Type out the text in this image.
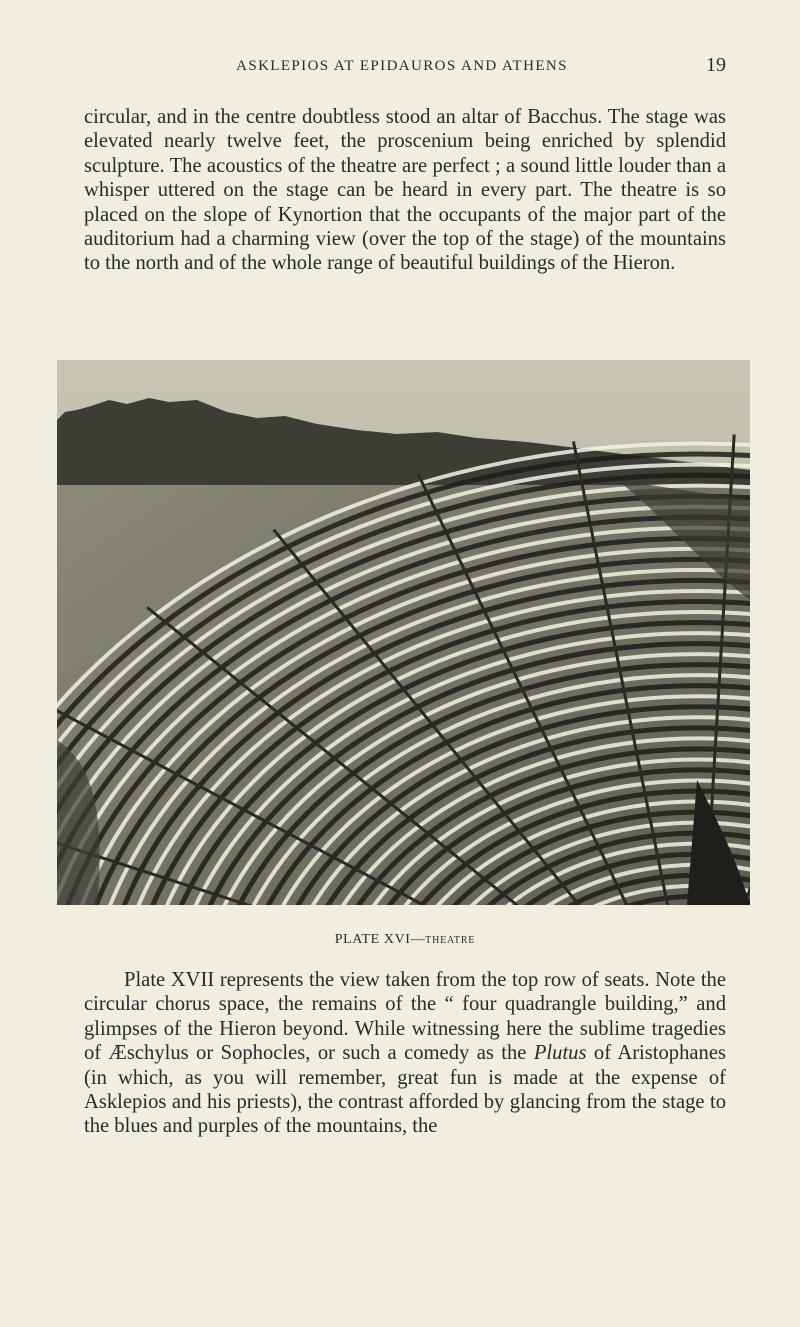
ASKLEPIOS AT EPIDAUROS AND ATHENS	19

circular, and in the centre doubtless stood an altar of Bacchus. The stage was elevated nearly twelve feet, the proscenium being enriched by splendid sculpture. The acoustics of the theatre are perfect ; a sound little louder than a whisper uttered on the stage can be heard in every part. The theatre is so placed on the slope of Kynortion that the occupants of the major part of the auditorium had a charming view (over the top of the stage) of the mountains to the north and of the whole range of beautiful buildings of the Hieron.

PLATE XVI—THEATRE

Plate XVII represents the view taken from the top row of seats. Note the circular chorus space, the remains of the “ four quadrangle building,” and glimpses of the Hieron beyond. While witnessing here the sublime tragedies of Æschylus or Sophocles, or such a comedy as the Plutus of Aristophanes (in which, as you will remember, great fun is made at the expense of Asklepios and his priests), the contrast afforded by glancing from the stage to the blues and purples of the mountains, the
